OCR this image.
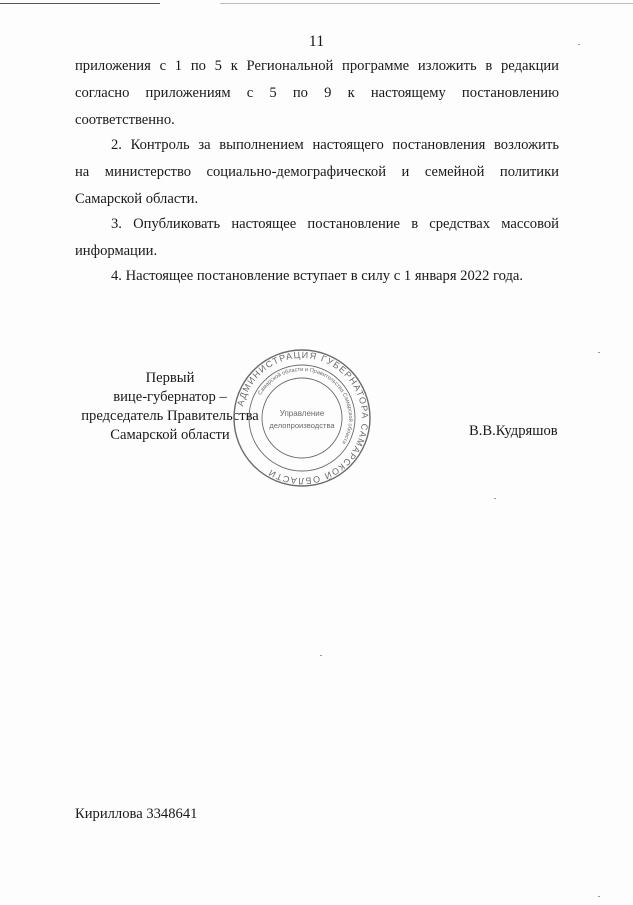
11
приложения с 1 по 5 к Региональной программе изложить в редакции
согласно приложениям с 5 по 9 к настоящему постановлению
соответственно.
2. Контроль за выполнением настоящего постановления возложить
на министерство социально-демографической и семейной политики
Самарской области.
3. Опубликовать настоящее постановление в средствах массовой
информации.
4. Настоящее постановление вступает в силу с 1 января 2022 года.
Первый
вице-губернатор –
председатель Правительства
Самарской области
АДМИНИСТРАЦИЯ ГУБЕРНАТОРА САМАРСКОЙ ОБЛАСТИ
Самарской области и Правительства Самарской области
Управление
делопроизводства	В.В.Кудряшов
Кириллова 3348641
